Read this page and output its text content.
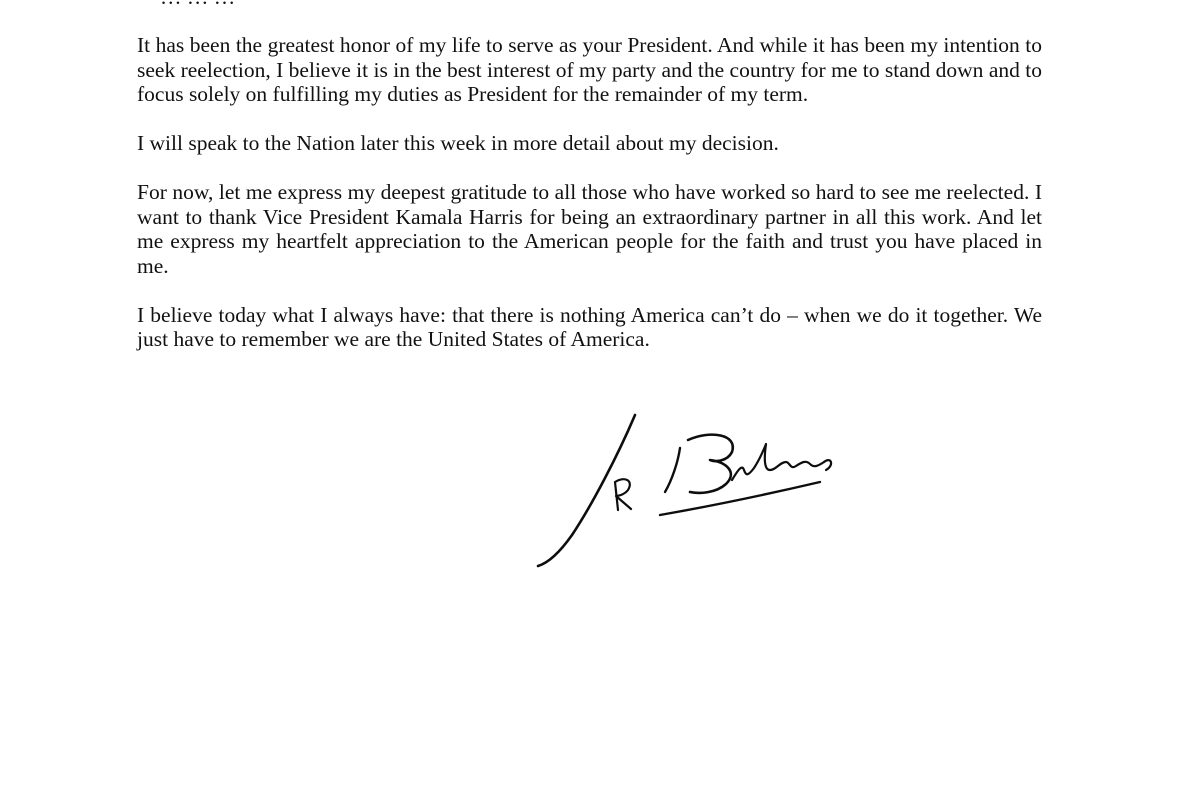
It has been the greatest honor of my life to serve as your President. And while it has been my intention to seek reelection, I believe it is in the best interest of my party and the country for me to stand down and to focus solely on fulfilling my duties as President for the remainder of my term.

I will speak to the Nation later this week in more detail about my decision.

For now, let me express my deepest gratitude to all those who have worked so hard to see me reelected. I want to thank Vice President Kamala Harris for being an extraordinary partner in all this work. And let me express my heartfelt appreciation to the American people for the faith and trust you have placed in me.

I believe today what I always have: that there is nothing America can’t do – when we do it together. We just have to remember we are the United States of America.
